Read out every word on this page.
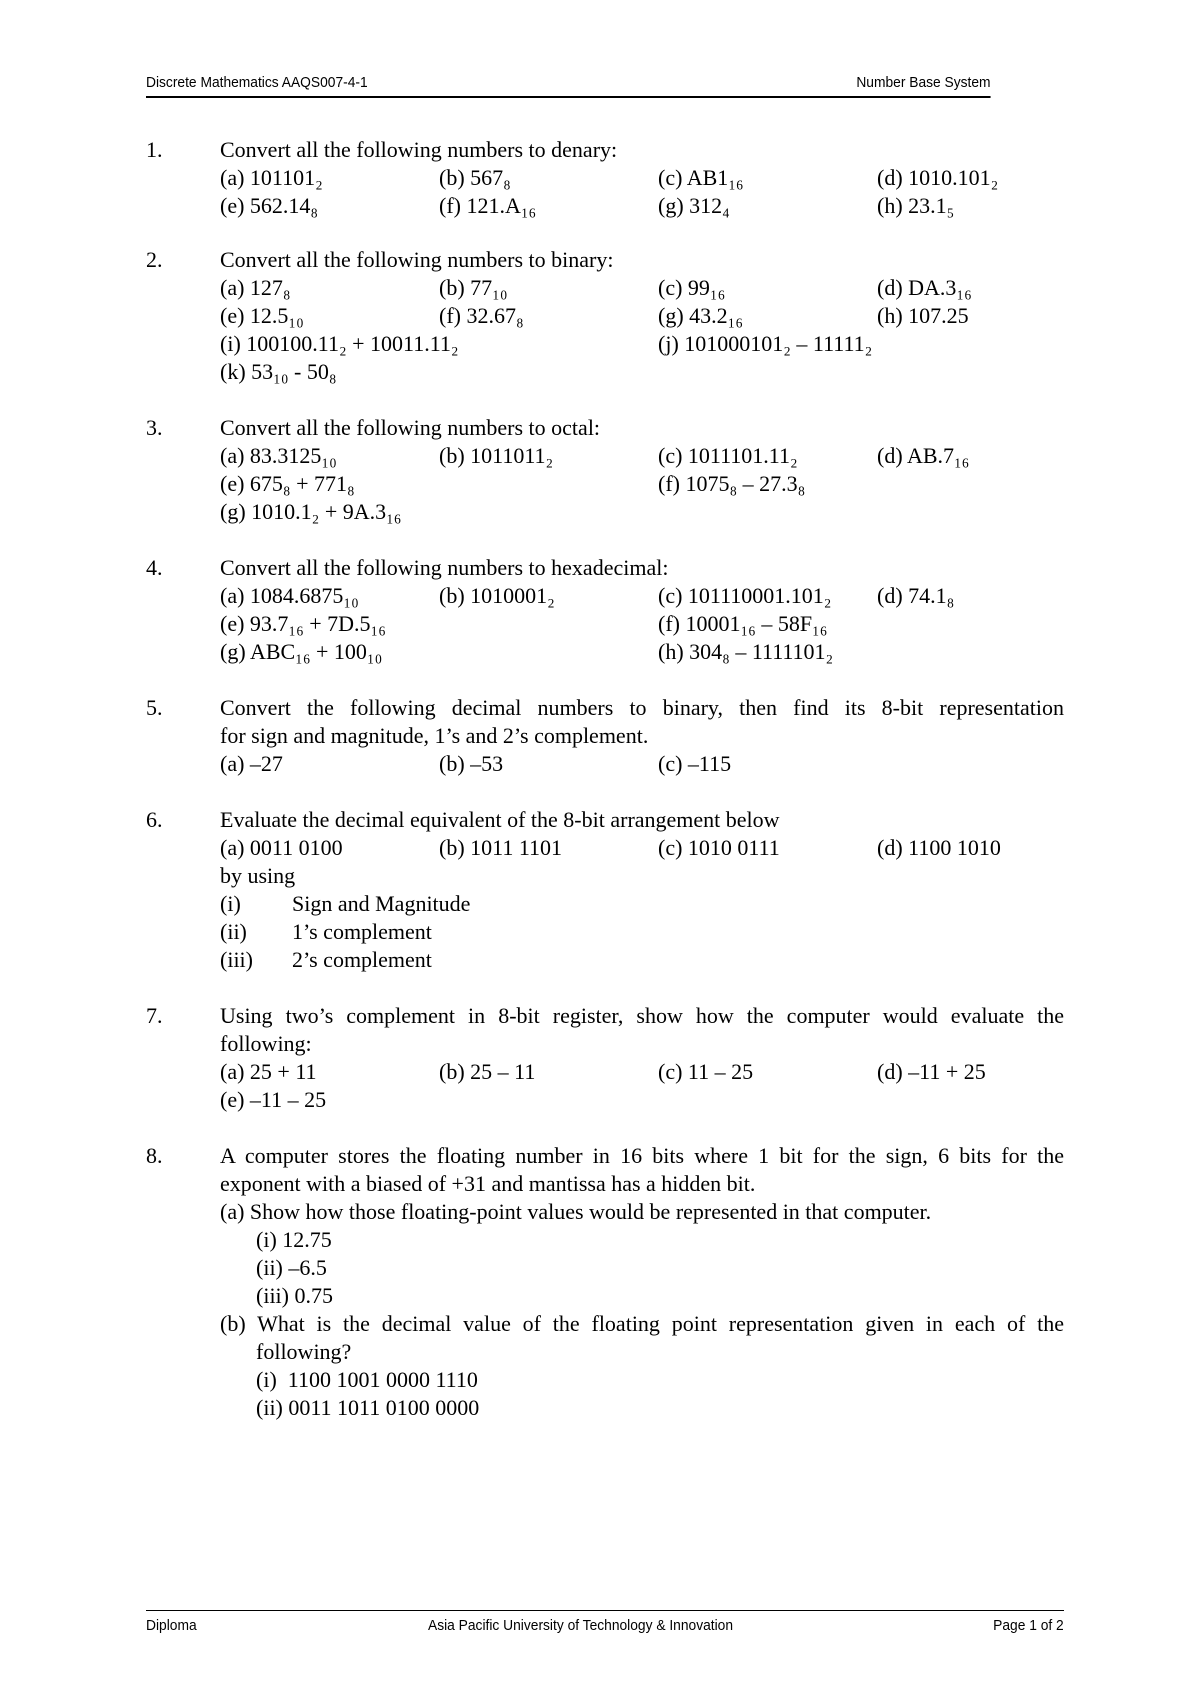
Discrete Mathematics AAQS007-4-1	Number Base System
1.	Convert all the following numbers to denary:
(a) 101101₂	(b) 567₈	(c) AB1₁₆	(d) 1010.101₂
(e) 562.14₈	(f) 121.A₁₆	(g) 312₄	(h) 23.1₅
2.	Convert all the following numbers to binary:
(a) 127₈	(b) 77₁₀	(c) 99₁₆	(d) DA.3₁₆
(e) 12.5₁₀	(f) 32.67₈	(g) 43.2₁₆	(h) 107.25
(i) 100100.11₂ + 10011.11₂	(j) 101000101₂ – 11111₂
(k) 53₁₀ - 50₈
3.	Convert all the following numbers to octal:
(a) 83.3125₁₀	(b) 1011011₂	(c) 1011101.11₂	(d) AB.7₁₆
(e) 675₈ + 771₈	(f) 1075₈ – 27.3₈
(g) 1010.1₂ + 9A.3₁₆
4.	Convert all the following numbers to hexadecimal:
(a) 1084.6875₁₀	(b) 1010001₂	(c) 101110001.101₂ (d) 74.1₈
(e) 93.7₁₆ + 7D.5₁₆	(f) 10001₁₆ – 58F₁₆
(g) ABC₁₆ + 100₁₀	(h) 304₈ – 1111101₂
5.	Convert the following decimal numbers to binary, then find its 8-bit representation
for sign and magnitude, 1’s and 2’s complement.
(a) –27	(b) –53	(c) –115
6.	Evaluate the decimal equivalent of the 8-bit arrangement below
(a) 0011 0100	(b) 1011 1101	(c) 1010 0111	(d) 1100 1010
by using
(i) Sign and Magnitude
(ii) 1’s complement
(iii) 2’s complement
7.	Using two’s complement in 8-bit register, show how the computer would evaluate the
following:
(a) 25 + 11	(b) 25 – 11	(c) 11 – 25	(d) –11 + 25
(e) –11 – 25
8.	A computer stores the floating number in 16 bits where 1 bit for the sign, 6 bits for the
exponent with a biased of +31 and mantissa has a hidden bit.
(a) Show how those floating-point values would be represented in that computer.
(i) 12.75
(ii) –6.5
(iii) 0.75
(b) What is the decimal value of the floating point representation given in each of the
following?
(i)  1100 1001 0000 1110
(ii) 0011 1011 0100 0000
Diploma	Asia Pacific University of Technology & Innovation	Page 1 of 2
